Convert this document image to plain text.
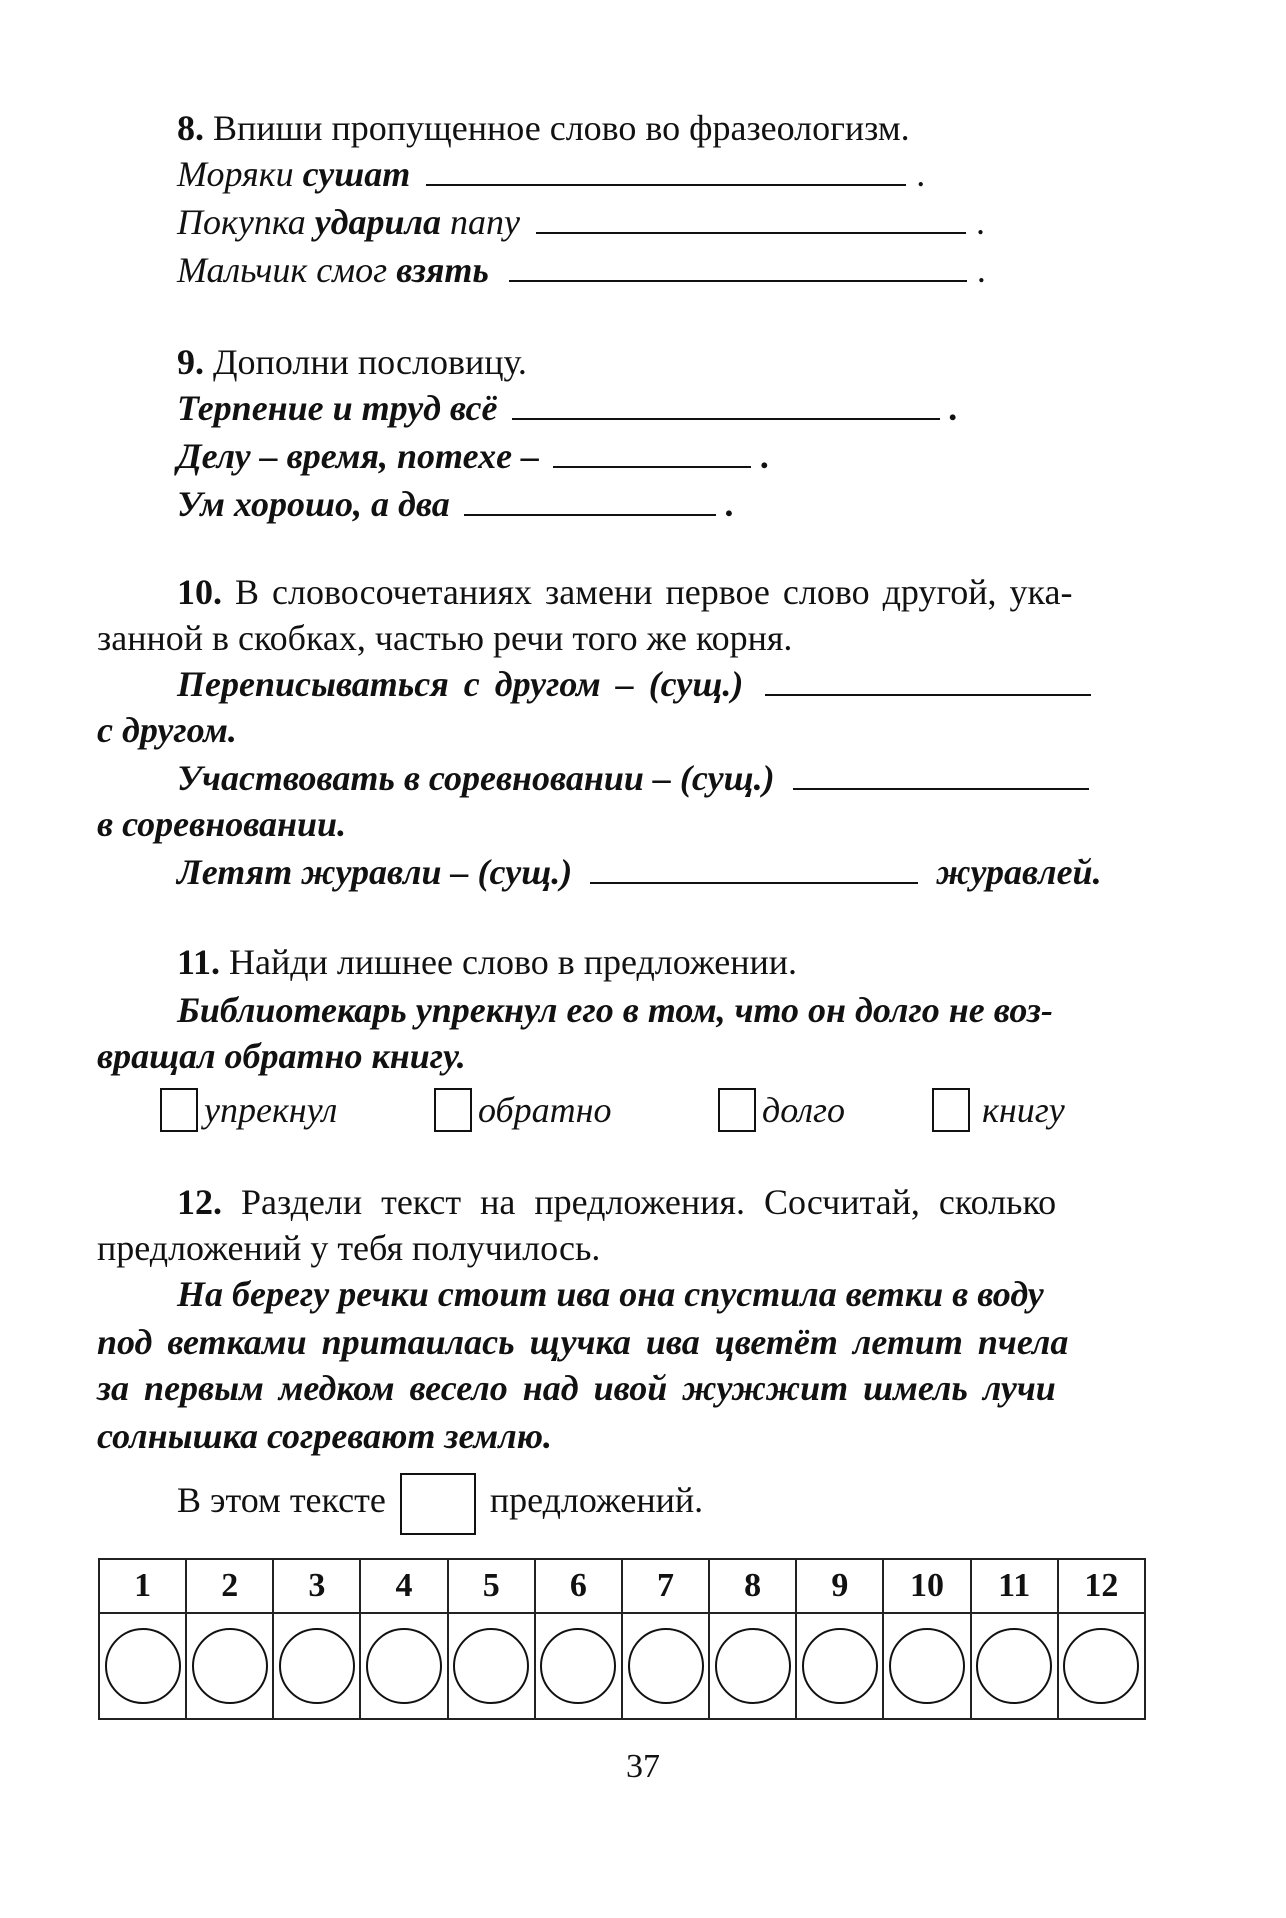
8. Впиши пропущенное слово во фразеологизм.
Моряки сушат	.
Покупка ударила папу	.
Мальчик смог взять	.
9. Дополни пословицу.
Терпение и труд всё	.
Делу – время, потехе –	.
Ум хорошо, а два	.
10. В словосочетаниях замени первое слово другой, ука-
занной в скобках, частью речи того же корня.
Переписываться с другом – (сущ.)
с другом.
Участвовать в соревновании – (сущ.)
в соревновании.
Летят журавли – (сущ.)	журавлей.
11. Найди лишнее слово в предложении.
Библиотекарь упрекнул его в том, что он долго не воз-
вращал обратно книгу.
упрекнул	обратно	долго	книгу
12. Раздели текст на предложения. Сосчитай, сколько
предложений у тебя получилось.
На берегу речки стоит ива она спустила ветки в воду
под ветками притаилась щучка ива цветёт летит пчела
за первым медком весело над ивой жужжит шмель лучи
солнышка согревают землю.
В этом тексте	предложений.
1	2	3	4	5	6	7	8	9	10	11	12

37
